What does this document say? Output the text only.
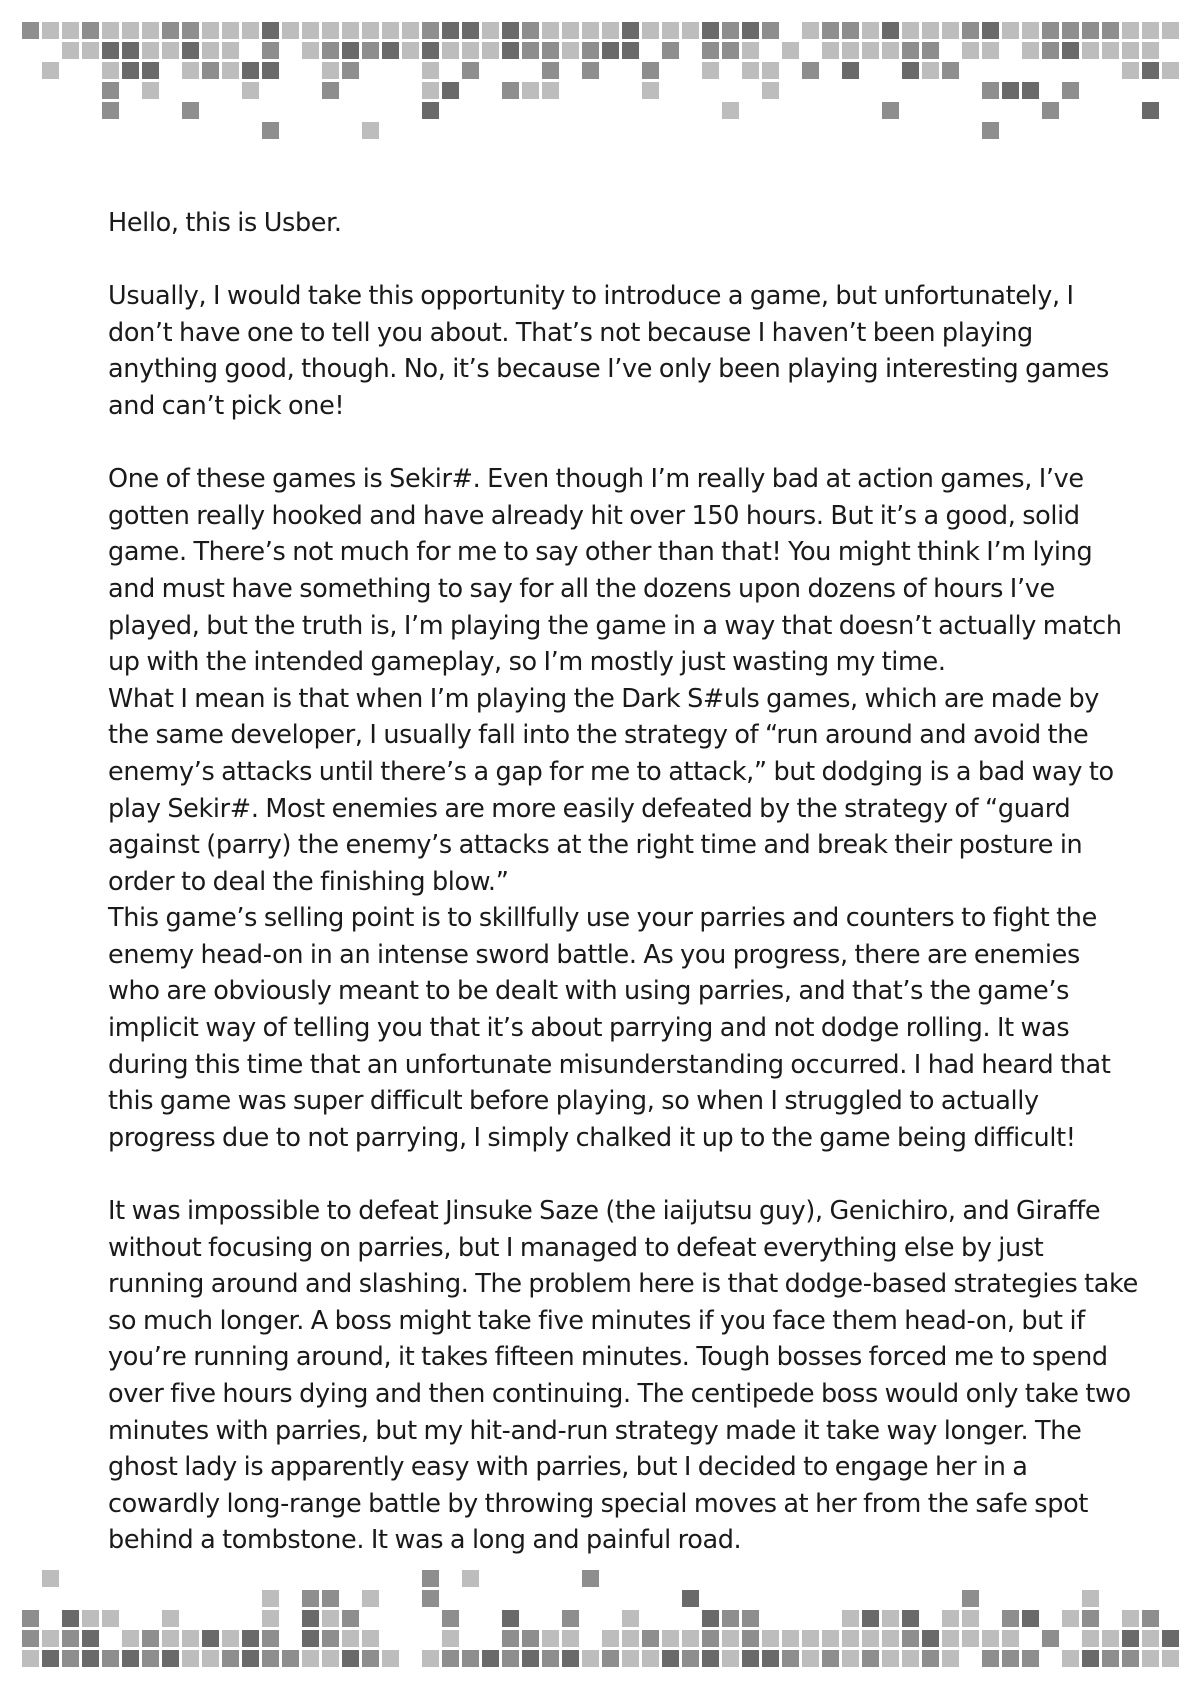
Hello, this is Usber.

Usually, I would take this opportunity to introduce a game, but unfortunately, I don’t have one to tell you about. That’s not because I haven’t been playing anything good, though. No, it’s because I’ve only been playing interesting games and can’t pick one!

One of these games is Sekir#. Even though I’m really bad at action games, I’ve gotten really hooked and have already hit over 150 hours. But it’s a good, solid game. There’s not much for me to say other than that! You might think I’m lying and must have something to say for all the dozens upon dozens of hours I’ve played, but the truth is, I’m playing the game in a way that doesn’t actually match up with the intended gameplay, so I’m mostly just wasting my time.

What I mean is that when I’m playing the Dark S#uls games, which are made by the same developer, I usually fall into the strategy of “run around and avoid the enemy’s attacks until there’s a gap for me to attack,” but dodging is a bad way to play Sekir#. Most enemies are more easily defeated by the strategy of “guard against (parry) the enemy’s attacks at the right time and break their posture in order to deal the finishing blow.”

This game’s selling point is to skillfully use your parries and counters to fight the enemy head-on in an intense sword battle. As you progress, there are enemies who are obviously meant to be dealt with using parries, and that’s the game’s implicit way of telling you that it’s about parrying and not dodge rolling. It was during this time that an unfortunate misunderstanding occurred. I had heard that this game was super difficult before playing, so when I struggled to actually progress due to not parrying, I simply chalked it up to the game being difficult!

It was impossible to defeat Jinsuke Saze (the iaijutsu guy), Genichiro, and Giraffe without focusing on parries, but I managed to defeat everything else by just running around and slashing. The problem here is that dodge-based strategies take so much longer. A boss might take five minutes if you face them head-on, but if you’re running around, it takes fifteen minutes. Tough bosses forced me to spend over five hours dying and then continuing. The centipede boss would only take two minutes with parries, but my hit-and-run strategy made it take way longer. The ghost lady is apparently easy with parries, but I decided to engage her in a cowardly long-range battle by throwing special moves at her from the safe spot behind a tombstone. It was a long and painful road.
